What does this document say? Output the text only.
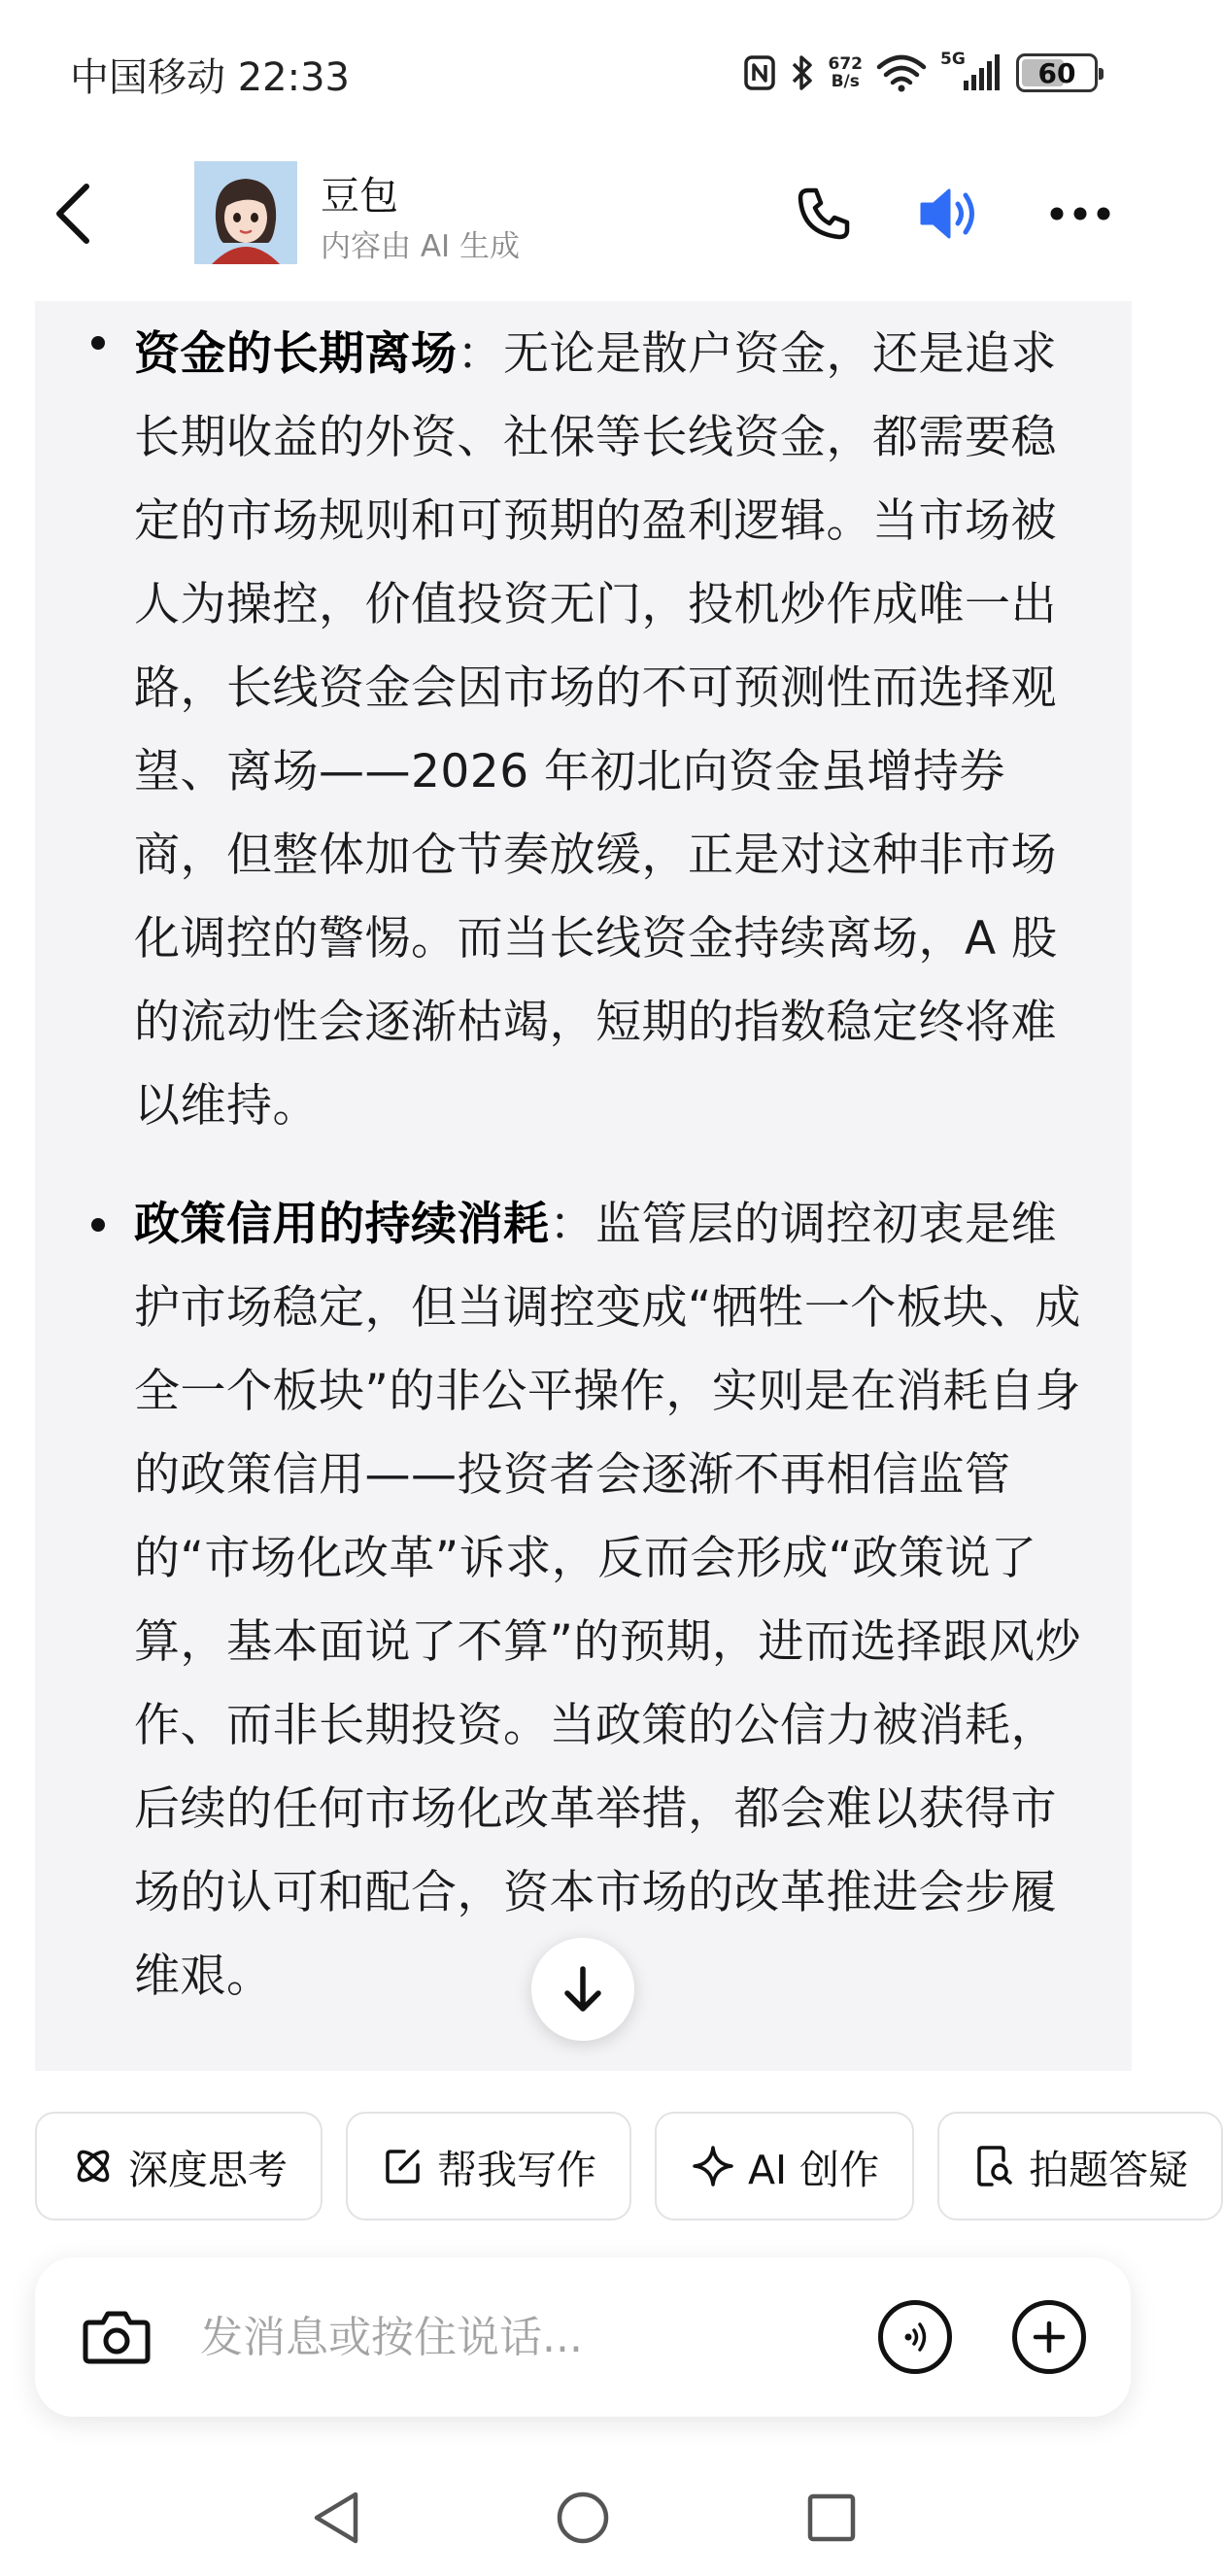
中国移动 22:33	672
B/s
5G	60
豆包
内容由 AI 生成
资金的长期离场：无论是散户资金，还是追求长期收益的外资、社保等长线资金，都需要稳定的市场规则和可预期的盈利逻辑。当市场被人为操控，价值投资无门，投机炒作成唯一出路，长线资金会因市场的不可预测性而选择观望、离场——2026 年初北向资金虽增持券商，但整体加仓节奏放缓，正是对这种非市场化调控的警惕。而当长线资金持续离场，A 股的流动性会逐渐枯竭，短期的指数稳定终将难以维持。
政策信用的持续消耗：监管层的调控初衷是维护市场稳定，但当调控变成“牺牲一个板块、成全一个板块”的非公平操作，实则是在消耗自身的政策信用——投资者会逐渐不再相信监管的“市场化改革”诉求，反而会形成“政策说了算，基本面说了不算”的预期，进而选择跟风炒作、而非长期投资。当政策的公信力被消耗，后续的任何市场化改革举措，都会难以获得市场的认可和配合，资本市场的改革推进会步履维艰。
深度思考	帮我写作	AI 创作	拍题答疑
发消息或按住说话...
